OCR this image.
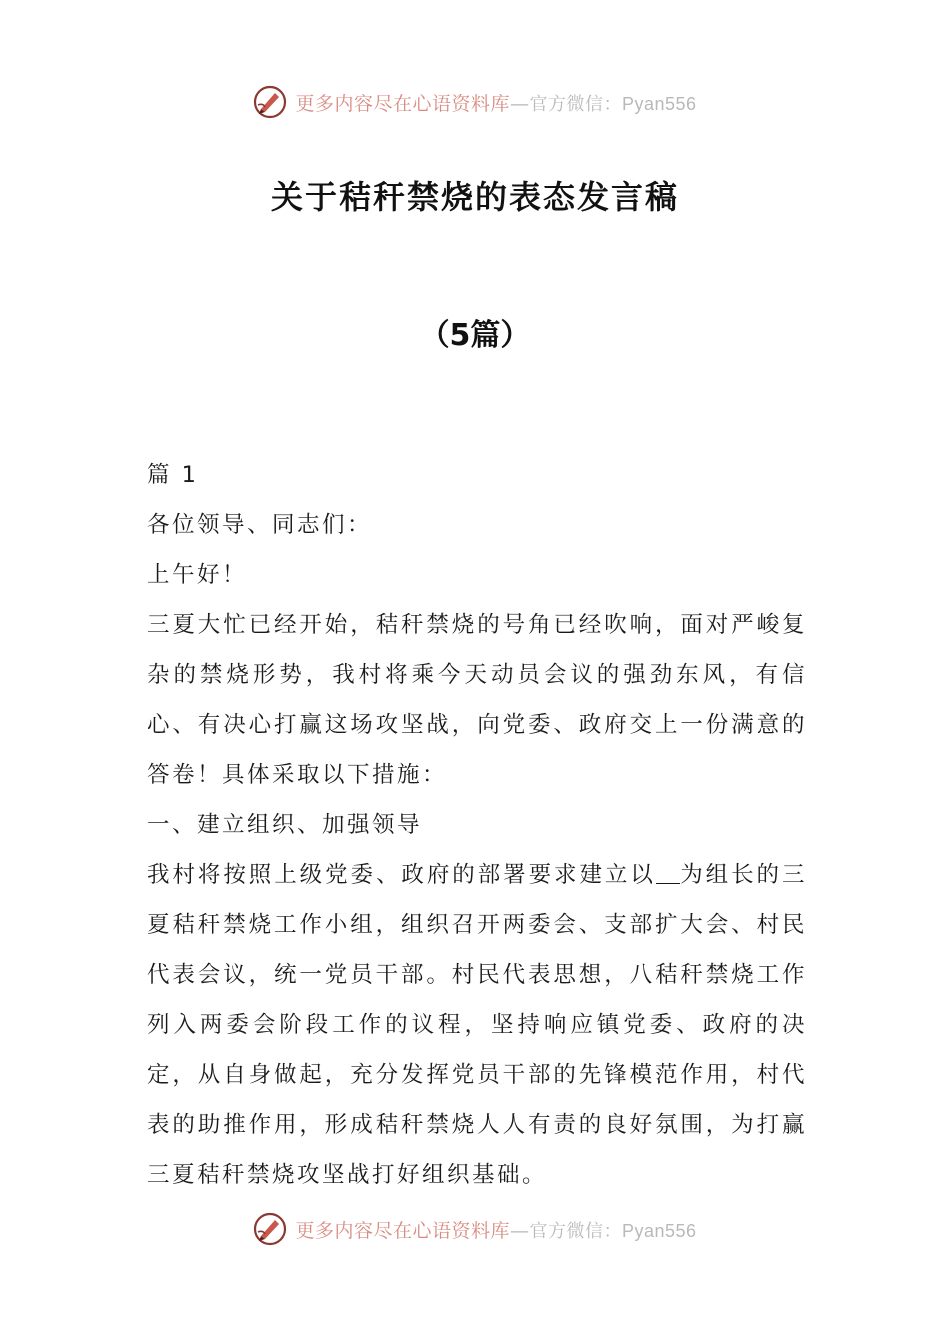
更多内容尽在心语资料库—官方微信：Pyan556
关于秸秆禁烧的表态发言稿
（5篇）

篇 1

各位领导、同志们：

上午好！

三夏大忙已经开始，秸秆禁烧的号角已经吹响，面对严峻复杂的禁烧形势，我村将乘今天动员会议的强劲东风，有信心、有决心打赢这场攻坚战，向党委、政府交上一份满意的答卷！具体采取以下措施：

一、建立组织、加强领导

我村将按照上级党委、政府的部署要求建立以 为组长的三夏秸秆禁烧工作小组，组织召开两委会、支部扩大会、村民代表会议，统一党员干部。村民代表思想，八秸秆禁烧工作列入两委会阶段工作的议程，坚持响应镇党委、政府的决定，从自身做起，充分发挥党员干部的先锋模范作用，村代表的助推作用，形成秸秆禁烧人人有责的良好氛围，为打赢三夏秸秆禁烧攻坚战打好组织基础。

更多内容尽在心语资料库—官方微信：Pyan556
